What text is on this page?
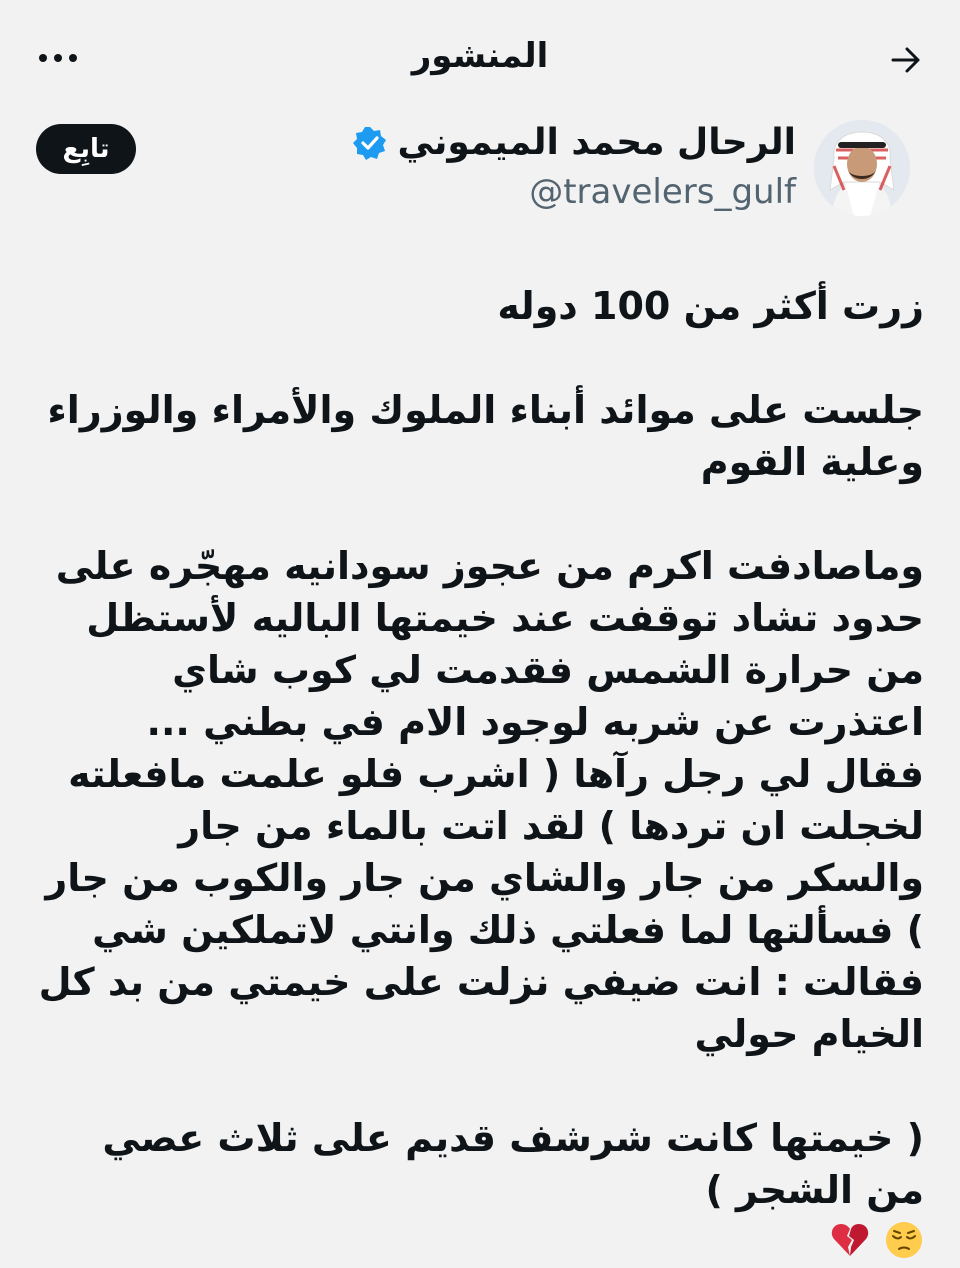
المنشور
الرحال محمد الميموني
@travelers_gulf
تابِع

زرت أكثر من 100 دوله

جلست على موائد أبناء الملوك والأمراء والوزراء وعلية القوم

وماصادفت اكرم من عجوز سودانيه مهجّره على حدود تشاد توقفت عند خيمتها الباليه لأستظل من حرارة الشمس فقدمت لي كوب شاي اعتذرت عن شربه لوجود الام في بطني ... فقال لي رجل رآها ( اشرب فلو علمت مافعلته لخجلت ان تردها ) لقد اتت بالماء من جار والسكر من جار والشاي من جار والكوب من جار ) فسألتها لما فعلتي ذلك وانتي لاتملكين شي فقالت : انت ضيفي نزلت على خيمتي من بد كل الخيام حولي

( خيمتها كانت شرشف قديم على ثلاث عصي من الشجر )
